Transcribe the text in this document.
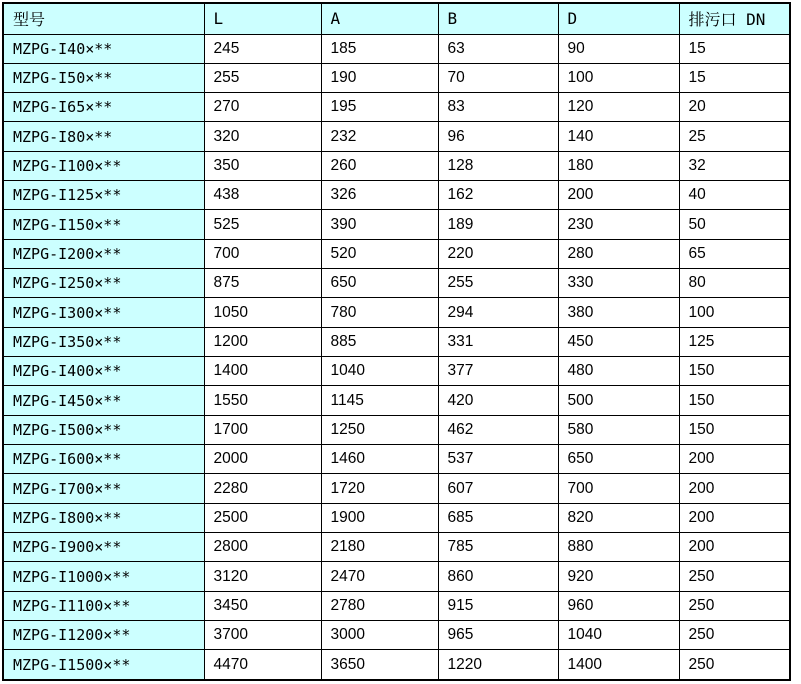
型号	L	A	B	D	排污口 DN
MZPG-I40×**	245	185	63	90	15
MZPG-I50×**	255	190	70	100	15
MZPG-I65×**	270	195	83	120	20
MZPG-I80×**	320	232	96	140	25
MZPG-I100×**	350	260	128	180	32
MZPG-I125×**	438	326	162	200	40
MZPG-I150×**	525	390	189	230	50
MZPG-I200×**	700	520	220	280	65
MZPG-I250×**	875	650	255	330	80
MZPG-I300×**	1050	780	294	380	100
MZPG-I350×**	1200	885	331	450	125
MZPG-I400×**	1400	1040	377	480	150
MZPG-I450×**	1550	1145	420	500	150
MZPG-I500×**	1700	1250	462	580	150
MZPG-I600×**	2000	1460	537	650	200
MZPG-I700×**	2280	1720	607	700	200
MZPG-I800×**	2500	1900	685	820	200
MZPG-I900×**	2800	2180	785	880	200
MZPG-I1000×**	3120	2470	860	920	250
MZPG-I1100×**	3450	2780	915	960	250
MZPG-I1200×**	3700	3000	965	1040	250
MZPG-I1500×**	4470	3650	1220	1400	250
